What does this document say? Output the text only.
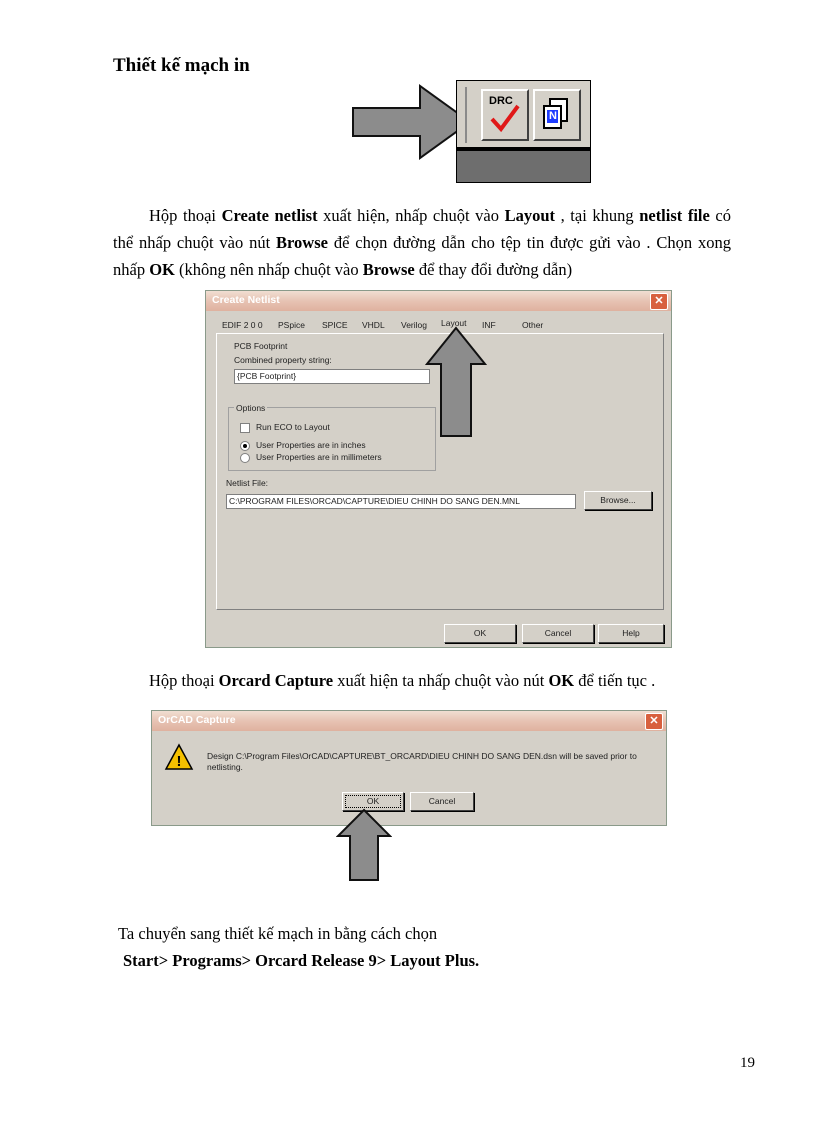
Thiết kế mạch in
DRC
N
Hộp thoại Create netlist xuất hiện, nhấp chuột vào Layout , tại khung netlist file có thể nhấp chuột vào nút Browse để chọn đường dẫn cho tệp tin được gửi vào . Chọn xong nhấp OK (không nên nhấp chuột vào Browse để thay đổi đường dẫn)
Create Netlist	✕
EDIF 2 0 0 PSpice SPICE VHDL Verilog Layout INF	Other
PCB Footprint
Combined property string:
{PCB Footprint}
Options
Run ECO to Layout
User Properties are in inches
User Properties are in millimeters
Netlist File:
C:\PROGRAM FILES\ORCAD\CAPTURE\DIEU CHINH DO SANG DEN.MNL	Browse...
OK	Cancel	Help
Hộp thoại Orcard Capture xuất hiện ta nhấp chuột vào nút OK để tiến tục .
OrCAD Capture	✕
!	Design C:\Program Files\OrCAD\CAPTURE\BT_ORCARD\DIEU CHINH DO SANG DEN.dsn will be saved prior to netlisting.
OK	Cancel
Ta chuyển sang thiết kế mạch in bằng cách chọn
Start> Programs> Orcard Release 9> Layout Plus.
19
